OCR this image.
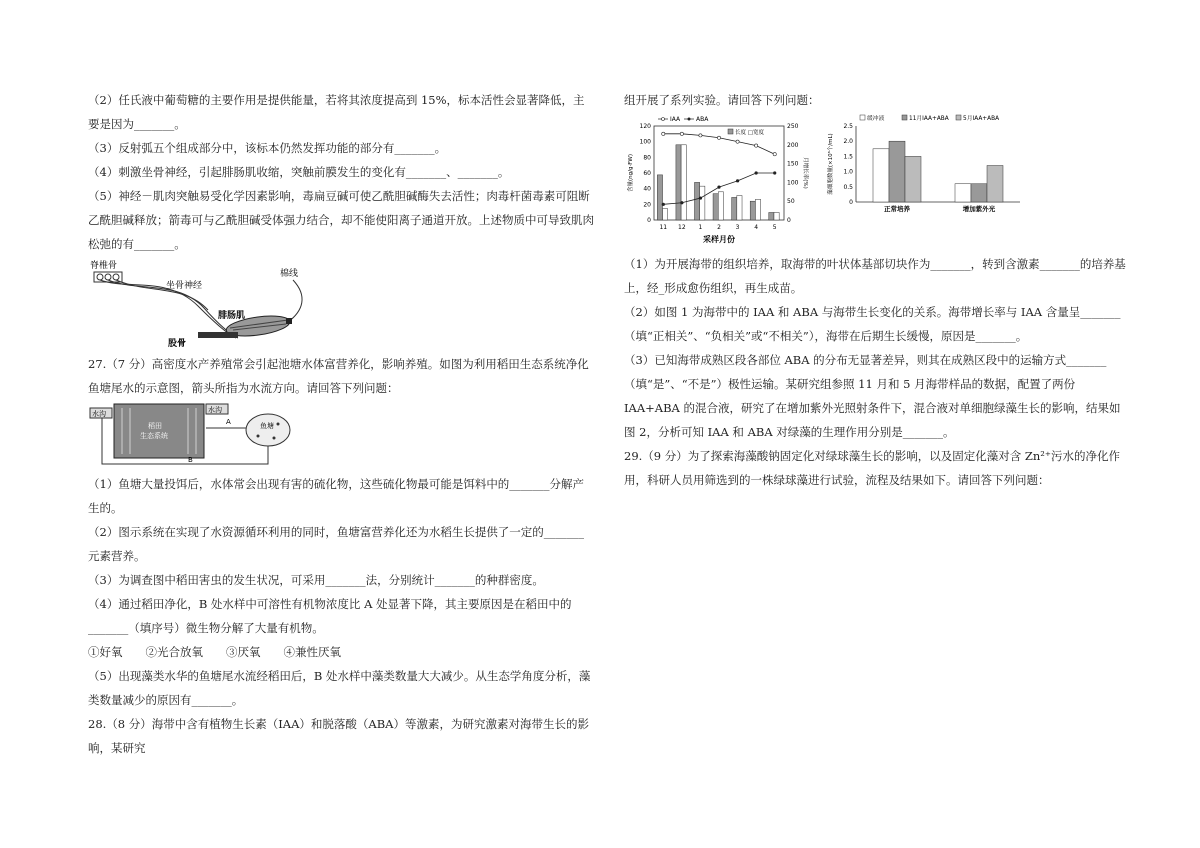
（2）任氏液中葡萄糖的主要作用是提供能量，若将其浓度提高到 15%，标本活性会显著降低，主要是因为_______。

（3）反射弧五个组成部分中，该标本仍然发挥功能的部分有_______。

（4）刺激坐骨神经，引起腓肠肌收缩，突触前膜发生的变化有_______、_______。

（5）神经－肌肉突触易受化学因素影响，毒扁豆碱可使乙酰胆碱酶失去活性；肉毒杆菌毒素可阻断乙酰胆碱释放；箭毒可与乙酰胆碱受体强力结合，却不能使阳离子通道开放。上述物质中可导致肌肉松弛的有_______。

脊椎骨
坐骨神经
棉线
腓肠肌
股骨

27.（7 分）高密度水产养殖常会引起池塘水体富营养化，影响养殖。如图为利用稻田生态系统净化鱼塘尾水的示意图，箭头所指为水流方向。请回答下列问题：

水沟
稻田
生态系统
水沟
A	鱼塘
B

（1）鱼塘大量投饵后，水体常会出现有害的硫化物，这些硫化物最可能是饵料中的_______分解产生的。

（2）图示系统在实现了水资源循环利用的同时，鱼塘富营养化还为水稻生长提供了一定的_______元素营养。

（3）为调查图中稻田害虫的发生状况，可采用_______法，分别统计_______的种群密度。

（4）通过稻田净化，B 处水样中可溶性有机物浓度比 A 处显著下降，其主要原因是在稻田中的_______（填序号）微生物分解了大量有机物。

①好氧　　②光合放氧　　③厌氧　　④兼性厌氧

（5）出现藻类水华的鱼塘尾水流经稻田后，B 处水样中藻类数量大大减少。从生态学角度分析，藻类数量减少的原因有_______。

28.（8 分）海带中含有植物生长素（IAA）和脱落酸（ABA）等激素，为研究激素对海带生长的影响，某研究

组开展了系列实验。请回答下列问题：

0
20
40
60
80
100
120
0
50
100
150
200
250
11 12 1 2 3 4 5
采样月份
含量(ng/g·FW)	月增长率(%)
IAA	ABA
长度 □宽度
0
0.5
1.0
1.5
2.0
2.5
藻细胞数量(×10⁶个/mL)
正常培养	增加紫外光
缓冲液	11月IAA+ABA 5月IAA+ABA

（1）为开展海带的组织培养，取海带的叶状体基部切块作为_______，转到含激素_______的培养基上，经_形成愈伤组织，再生成苗。

（2）如图 1 为海带中的 IAA 和 ABA 与海带生长变化的关系。海带增长率与 IAA 含量呈_______（填“正相关”、“负相关”或“不相关”），海带在后期生长缓慢，原因是_______。

（3）已知海带成熟区段各部位 ABA 的分布无显著差异，则其在成熟区段中的运输方式_______（填“是”、“不是”）极性运输。某研究组参照 11 月和 5 月海带样品的数据，配置了两份 IAA+ABA 的混合液，研究了在增加紫外光照射条件下，混合液对单细胞绿藻生长的影响，结果如图 2，分析可知 IAA 和 ABA 对绿藻的生理作用分别是_______。

29.（9 分）为了探索海藻酸钠固定化对绿球藻生长的影响，以及固定化藻对含 Zn²⁺污水的净化作用，科研人员用筛选到的一株绿球藻进行试验，流程及结果如下。请回答下列问题：
